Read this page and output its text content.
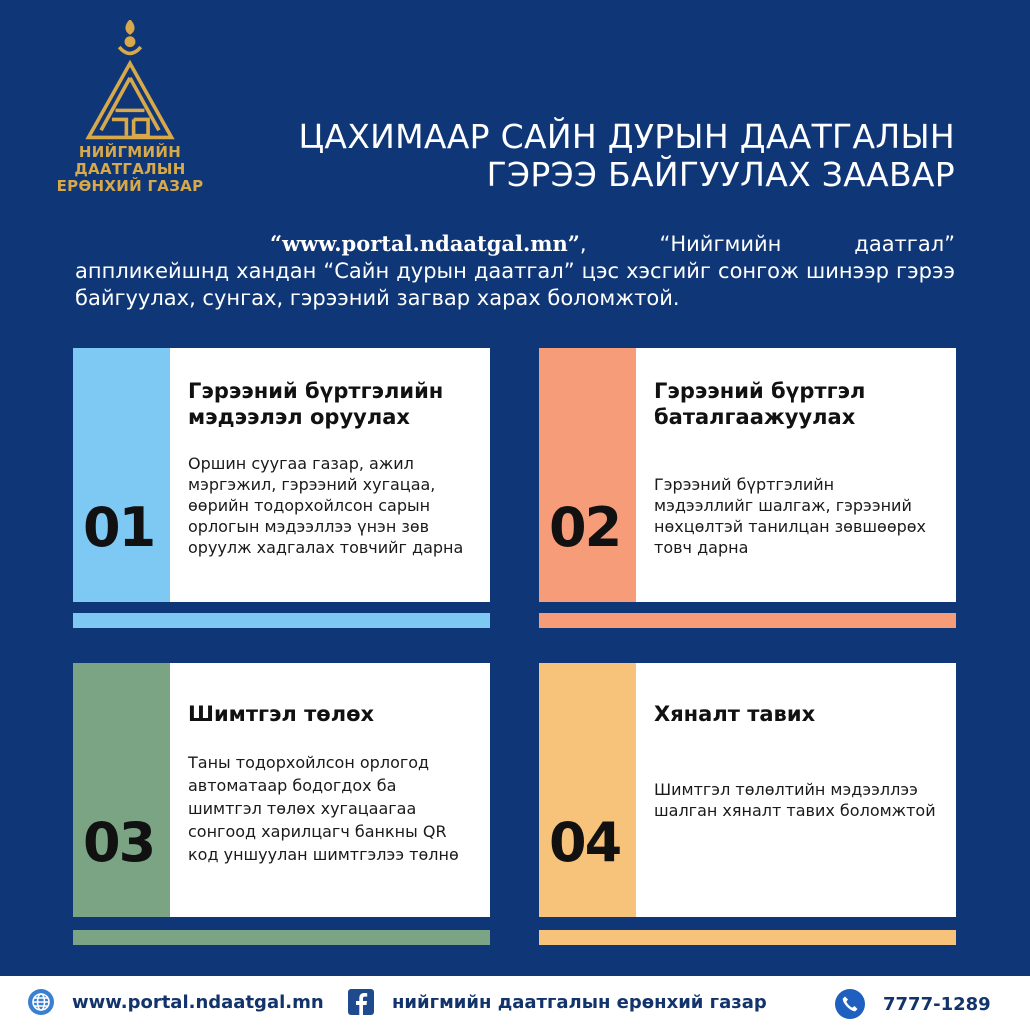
НИЙГМИЙН ДААТГАЛЫН
ЕРӨНХИЙ ГАЗАР
ЦАХИМААР САЙН ДУРЫН ДААТГАЛЫН
ГЭРЭЭ БАЙГУУЛАХ ЗААВАР

“www.portal.ndaatgal.mn”, “Нийгмийн даатгал” аппликейшнд хандан “Сайн дурын даатгал” цэс хэсгийг сонгож шинээр гэрээ байгуулах, сунгах, гэрээний загвар харах боломжтой.

01
Гэрээний бүртгэлийн мэдээлэл оруулах
Оршин суугаа газар, ажил мэргэжил, гэрээний хугацаа, өөрийн тодорхойлсон сарын орлогын мэдээллээ үнэн зөв оруулж хадгалах товчийг дарна 02
Гэрээний бүртгэл баталгаажуулах
Гэрээний бүртгэлийн мэдээллийг шалгаж, гэрээний нөхцөлтэй танилцан зөвшөөрөх товч дарна
03
Шимтгэл төлөх
Таны тодорхойлсон орлогод автоматаар бодогдох ба шимтгэл төлөх хугацаагаа сонгоод харилцагч банкны QR код уншуулан шимтгэлээ төлнө 04
Хяналт тавих
Шимтгэл төлөлтийн мэдээллээ шалган хяналт тавих боломжтой
www.portal.ndaatgal.mn	нийгмийн даатгалын ерөнхий газар	7777-1289
